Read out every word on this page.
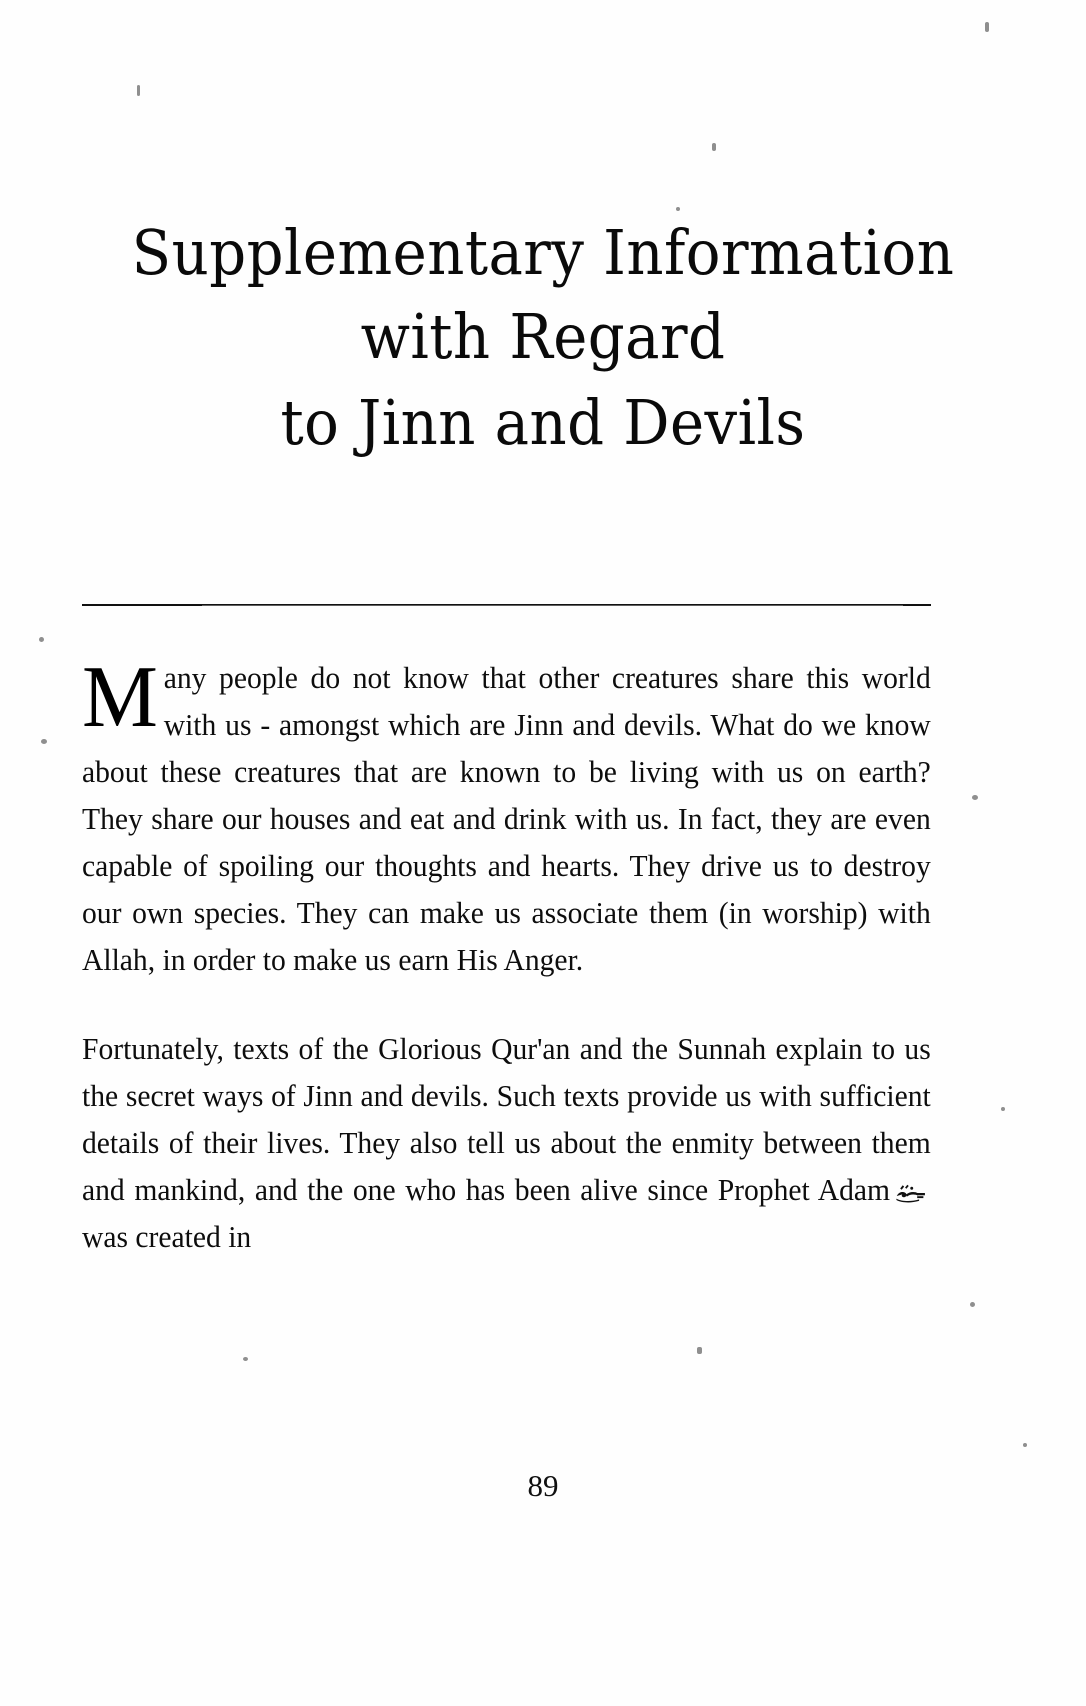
Supplementary Information
with Regard
to Jinn and Devils

Many people do not know that other creatures share this world with us - amongst which are Jinn and devils. What do we know about these creatures that are known to be living with us on earth? They share our houses and eat and drink with us. In fact, they are even capable of spoiling our thoughts and hearts. They drive us to destroy our own species. They can make us associate them (in worship) with Allah, in order to make us earn His Anger.

Fortunately, texts of the Glorious Qur'an and the Sunnah explain to us the secret ways of Jinn and devils. Such texts provide us with sufficient details of their lives. They also tell us about the enmity between them and mankind, and the one who has been alive since Prophet Adam
was created in

89
